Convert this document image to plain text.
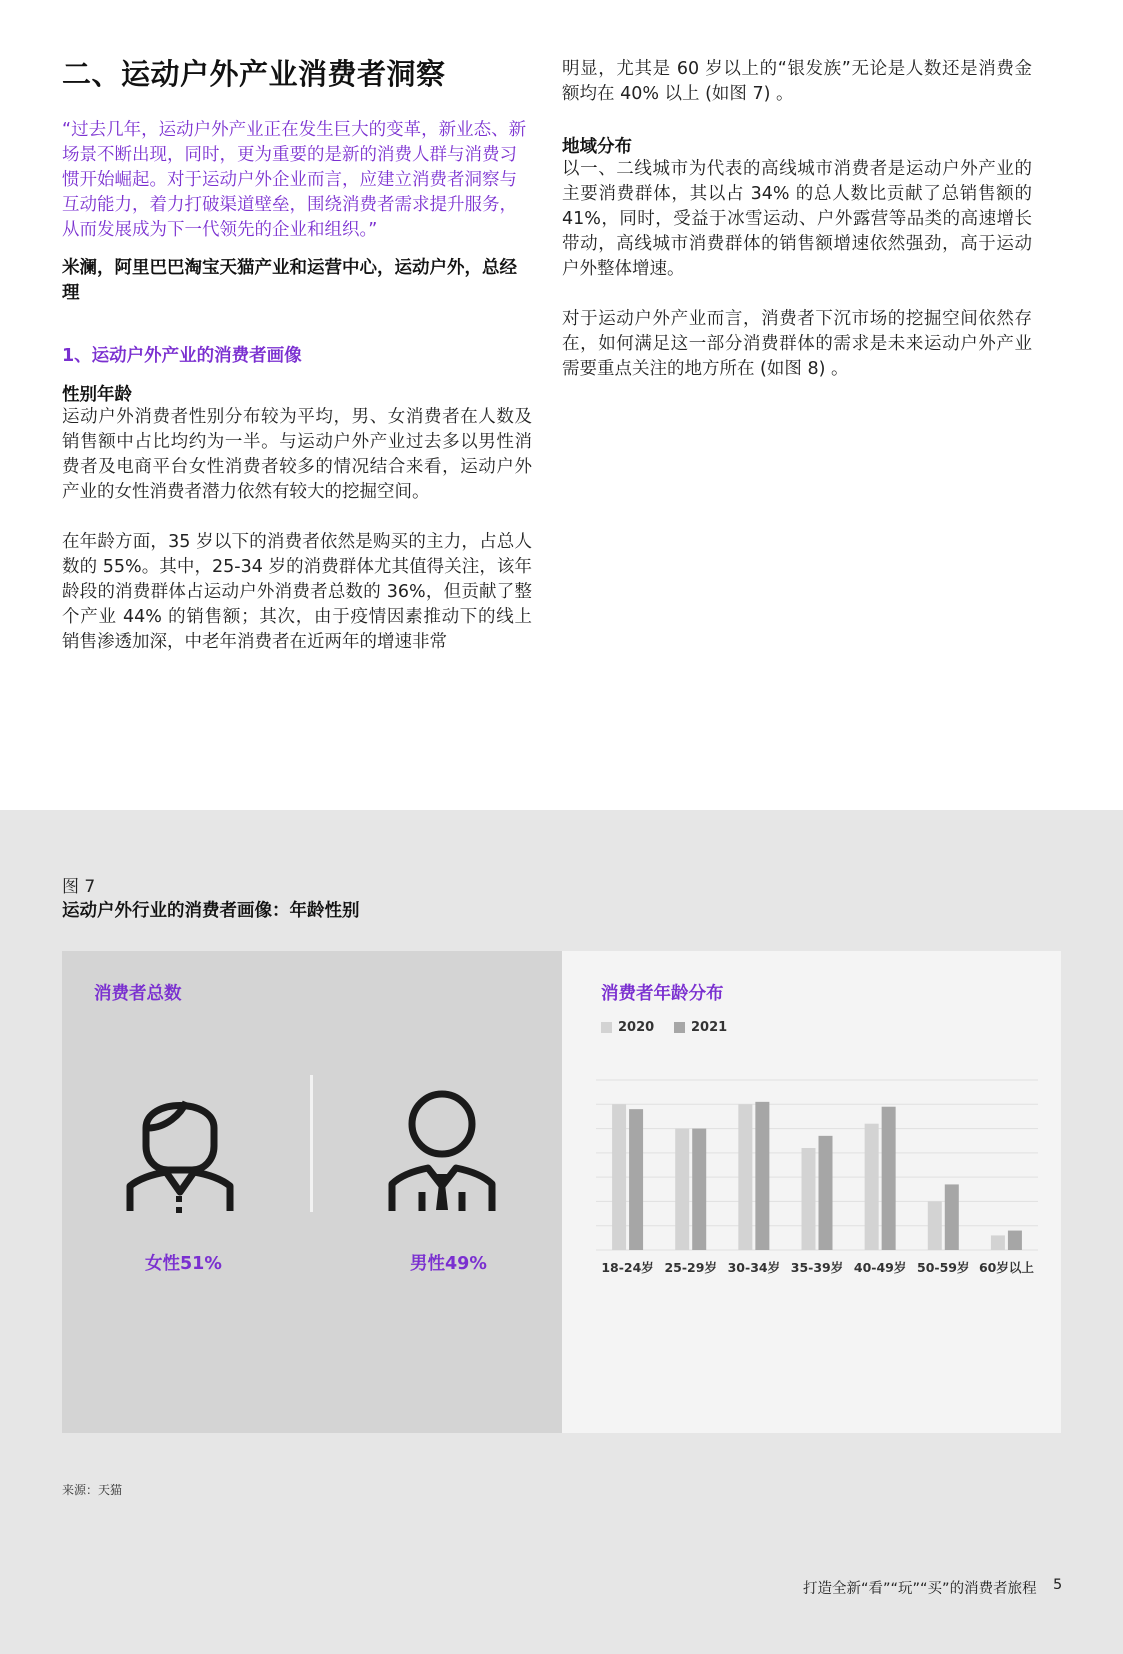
二、运动户外产业消费者洞察
“过去几年，运动户外产业正在发生巨大的变革，新业态、新场景不断出现，同时，更为重要的是新的消费人群与消费习惯开始崛起。对于运动户外企业而言，应建立消费者洞察与互动能力，着力打破渠道壁垒，围绕消费者需求提升服务，从而发展成为下一代领先的企业和组织。”
米澜，阿里巴巴淘宝天猫产业和运营中心，运动户外，总经理
1、运动户外产业的消费者画像
性别年龄
运动户外消费者性别分布较为平均，男、女消费者在人数及销售额中占比均约为一半。与运动户外产业过去多以男性消费者及电商平台女性消费者较多的情况结合来看，运动户外产业的女性消费者潜力依然有较大的挖掘空间。
在年龄方面，35 岁以下的消费者依然是购买的主力，占总人数的 55%。其中，25-34 岁的消费群体尤其值得关注，该年龄段的消费群体占运动户外消费者总数的 36%，但贡献了整个产业 44% 的销售额；其次，由于疫情因素推动下的线上销售渗透加深，中老年消费者在近两年的增速非常
明显，尤其是 60 岁以上的“银发族”无论是人数还是消费金额均在 40% 以上 (如图 7) 。
地域分布
以一、二线城市为代表的高线城市消费者是运动户外产业的主要消费群体，其以占 34% 的总人数比贡献了总销售额的 41%，同时，受益于冰雪运动、户外露营等品类的高速增长带动，高线城市消费群体的销售额增速依然强劲，高于运动户外整体增速。
对于运动户外产业而言，消费者下沉市场的挖掘空间依然存在，如何满足这一部分消费群体的需求是未来运动户外产业需要重点关注的地方所在 (如图 8) 。
图 7
运动户外行业的消费者画像：年龄性别
消费者总数
女性51%	男性49%
消费者年龄分布
2020	2021
18-24岁 25-29岁 30-34岁 35-39岁 40-49岁 50-59岁 60岁以上
来源：天猫
打造全新“看”“玩”“买”的消费者旅程 5
